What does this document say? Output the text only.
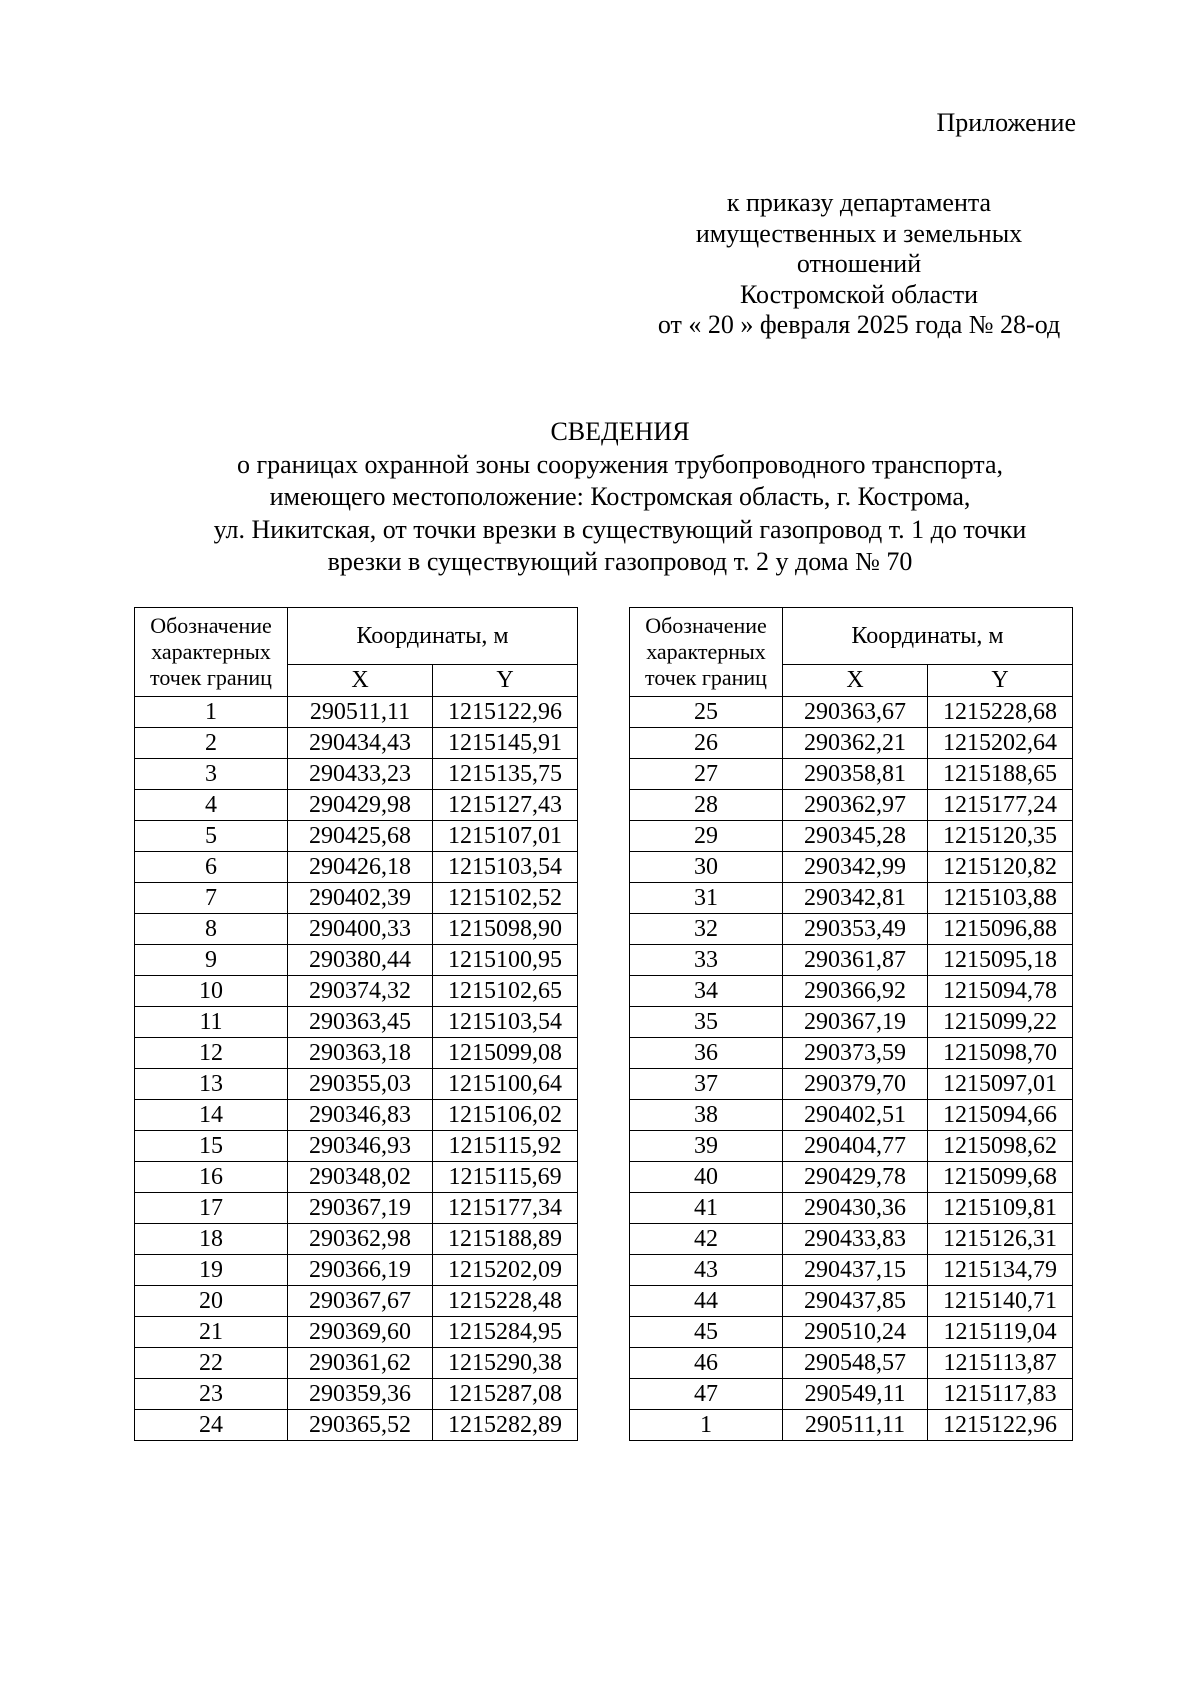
Приложение
к приказу департамента
имущественных и земельных
отношений
Костромской области
от « 20 » февраля 2025 года № 28-од
СВЕДЕНИЯ
о границах охранной зоны сооружения трубопроводного транспорта,
имеющего местоположение: Костромская область, г. Кострома,
ул. Никитская, от точки врезки в существующий газопровод т. 1 до точки
врезки в существующий газопровод т. 2 у дома № 70
Обозначение характерных точек границ	Координаты, м	
	X	Y
1	290511,11	1215122,96
2	290434,43	1215145,91
3	290433,23	1215135,75
4	290429,98	1215127,43
5	290425,68	1215107,01
6	290426,18	1215103,54
7	290402,39	1215102,52
8	290400,33	1215098,90
9	290380,44	1215100,95
10	290374,32	1215102,65
11	290363,45	1215103,54
12	290363,18	1215099,08
13	290355,03	1215100,64
14	290346,83	1215106,02
15	290346,93	1215115,92
16	290348,02	1215115,69
17	290367,19	1215177,34
18	290362,98	1215188,89
19	290366,19	1215202,09
20	290367,67	1215228,48
21	290369,60	1215284,95
22	290361,62	1215290,38
23	290359,36	1215287,08
24	290365,52	1215282,89
Обозначение характерных точек границ	Координаты, м	
	X	Y
25	290363,67	1215228,68
26	290362,21	1215202,64
27	290358,81	1215188,65
28	290362,97	1215177,24
29	290345,28	1215120,35
30	290342,99	1215120,82
31	290342,81	1215103,88
32	290353,49	1215096,88
33	290361,87	1215095,18
34	290366,92	1215094,78
35	290367,19	1215099,22
36	290373,59	1215098,70
37	290379,70	1215097,01
38	290402,51	1215094,66
39	290404,77	1215098,62
40	290429,78	1215099,68
41	290430,36	1215109,81
42	290433,83	1215126,31
43	290437,15	1215134,79
44	290437,85	1215140,71
45	290510,24	1215119,04
46	290548,57	1215113,87
47	290549,11	1215117,83
1	290511,11	1215122,96
